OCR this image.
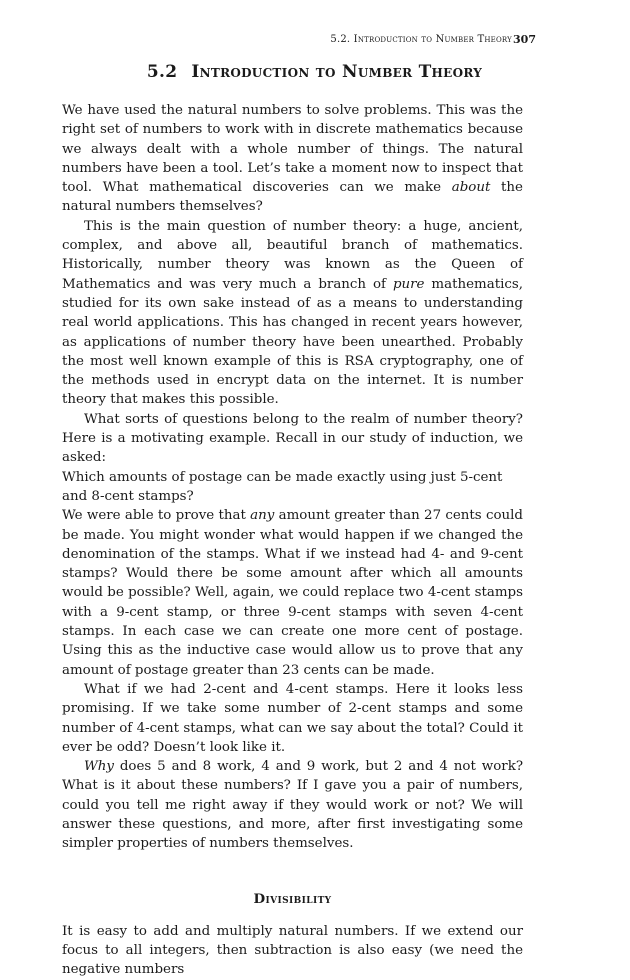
5.2. Introduction to Number Theory 307
5.2 Introduction to Number Theory

We have used the natural numbers to solve problems. This was the right set of numbers to work with in discrete mathematics because we always dealt with a whole number of things. The natural numbers have been a tool. Let’s take a moment now to inspect that tool. What mathematical discoveries can we make about the natural numbers themselves?

This is the main question of number theory: a huge, ancient, complex, and above all, beautiful branch of mathematics. Historically, number theory was known as the Queen of Mathematics and was very much a branch of pure mathematics, studied for its own sake instead of as a means to understanding real world applications. This has changed in recent years however, as applications of number theory have been unearthed. Probably the most well known example of this is RSA cryptography, one of the methods used in encrypt data on the internet. It is number theory that makes this possible.

What sorts of questions belong to the realm of number theory? Here is a motivating example. Recall in our study of induction, we asked:

Which amounts of postage can be made exactly using just 5-cent and 8-cent stamps?

We were able to prove that any amount greater than 27 cents could be made. You might wonder what would happen if we changed the denomination of the stamps. What if we instead had 4- and 9-cent stamps? Would there be some amount after which all amounts would be possible? Well, again, we could replace two 4-cent stamps with a 9-cent stamp, or three 9-cent stamps with seven 4-cent stamps. In each case we can create one more cent of postage. Using this as the inductive case would allow us to prove that any amount of postage greater than 23 cents can be made.

What if we had 2-cent and 4-cent stamps. Here it looks less promising. If we take some number of 2-cent stamps and some number of 4-cent stamps, what can we say about the total? Could it ever be odd? Doesn’t look like it.

Why does 5 and 8 work, 4 and 9 work, but 2 and 4 not work? What is it about these numbers? If I gave you a pair of numbers, could you tell me right away if they would work or not? We will answer these questions, and more, after first investigating some simpler properties of numbers themselves.

Divisibility

It is easy to add and multiply natural numbers. If we extend our focus to all integers, then subtraction is also easy (we need the negative numbers
